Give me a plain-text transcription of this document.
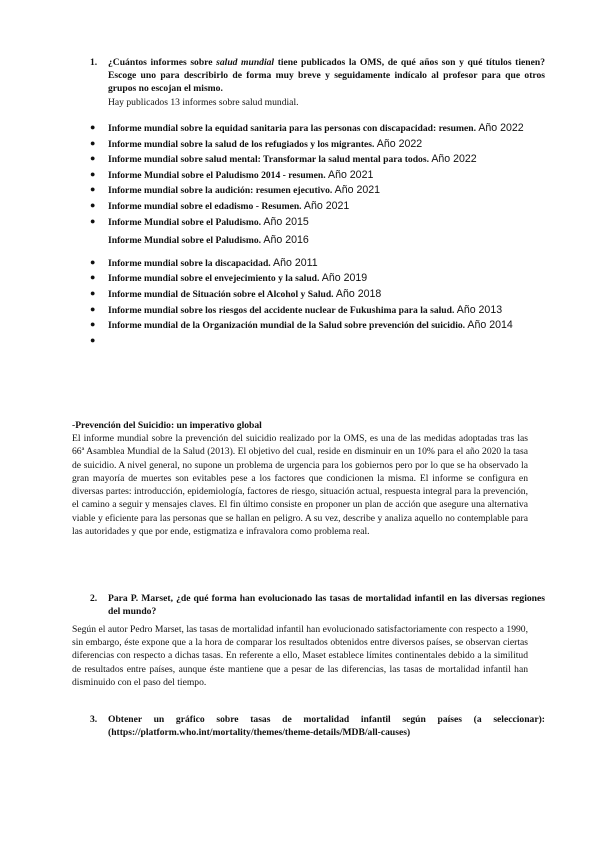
1. ¿Cuántos informes sobre salud mundial tiene publicados la OMS, de qué años son y qué títulos tienen? Escoge uno para describirlo de forma muy breve y seguidamente indícalo al profesor para que otros grupos no escojan el mismo.
Hay publicados 13 informes sobre salud mundial.
● Informe mundial sobre la equidad sanitaria para las personas con discapacidad: resumen. Año 2022
● Informe mundial sobre la salud de los refugiados y los migrantes. Año 2022
● Informe mundial sobre salud mental: Transformar la salud mental para todos. Año 2022
● Informe Mundial sobre el Paludismo 2014 - resumen. Año 2021
● Informe mundial sobre la audición: resumen ejecutivo. Año 2021
● Informe mundial sobre el edadismo - Resumen. Año 2021
● Informe Mundial sobre el Paludismo. Año 2015
Informe Mundial sobre el Paludismo. Año 2016
● Informe mundial sobre la discapacidad. Año 2011
● Informe mundial sobre el envejecimiento y la salud. Año 2019
● Informe mundial de Situación sobre el Alcohol y Salud. Año 2018
● Informe mundial sobre los riesgos del accidente nuclear de Fukushima para la salud. Año 2013
● Informe mundial de la Organización mundial de la Salud sobre prevención del suicidio. Año 2014
●

-Prevención del Suicidio: un imperativo global

El informe mundial sobre la prevención del suicidio realizado por la OMS, es una de las medidas adoptadas tras las 66ª Asamblea Mundial de la Salud (2013). El objetivo del cual, reside en disminuir en un 10% para el año 2020 la tasa de suicidio. A nivel general, no supone un problema de urgencia para los gobiernos pero por lo que se ha observado la gran mayoría de muertes son evitables pese a los factores que condicionen la misma. El informe se configura en diversas partes: introducción, epidemiología, factores de riesgo, situación actual, respuesta integral para la prevención, el camino a seguir y mensajes claves. El fin último consiste en proponer un plan de acción que asegure una alternativa viable y eficiente para las personas que se hallan en peligro. A su vez, describe y analiza aquello no contemplable para las autoridades y que por ende, estigmatiza e infravalora como problema real.

2. Para P. Marset, ¿de qué forma han evolucionado las tasas de mortalidad infantil en las diversas regiones del mundo?

Según el autor Pedro Marset, las tasas de mortalidad infantil han evolucionado satisfactoriamente con respecto a 1990, sin embargo, éste expone que a la hora de comparar los resultados obtenidos entre diversos países, se observan ciertas diferencias con respecto a dichas tasas. En referente a ello, Maset establece límites continentales debido a la similitud de resultados entre países, aunque éste mantiene que a pesar de las diferencias, las tasas de mortalidad infantil han disminuido con el paso del tiempo.

3. Obtener un gráfico sobre tasas de mortalidad infantil según países (a seleccionar): (https://platform.who.int/mortality/themes/theme-details/MDB/all-causes)
